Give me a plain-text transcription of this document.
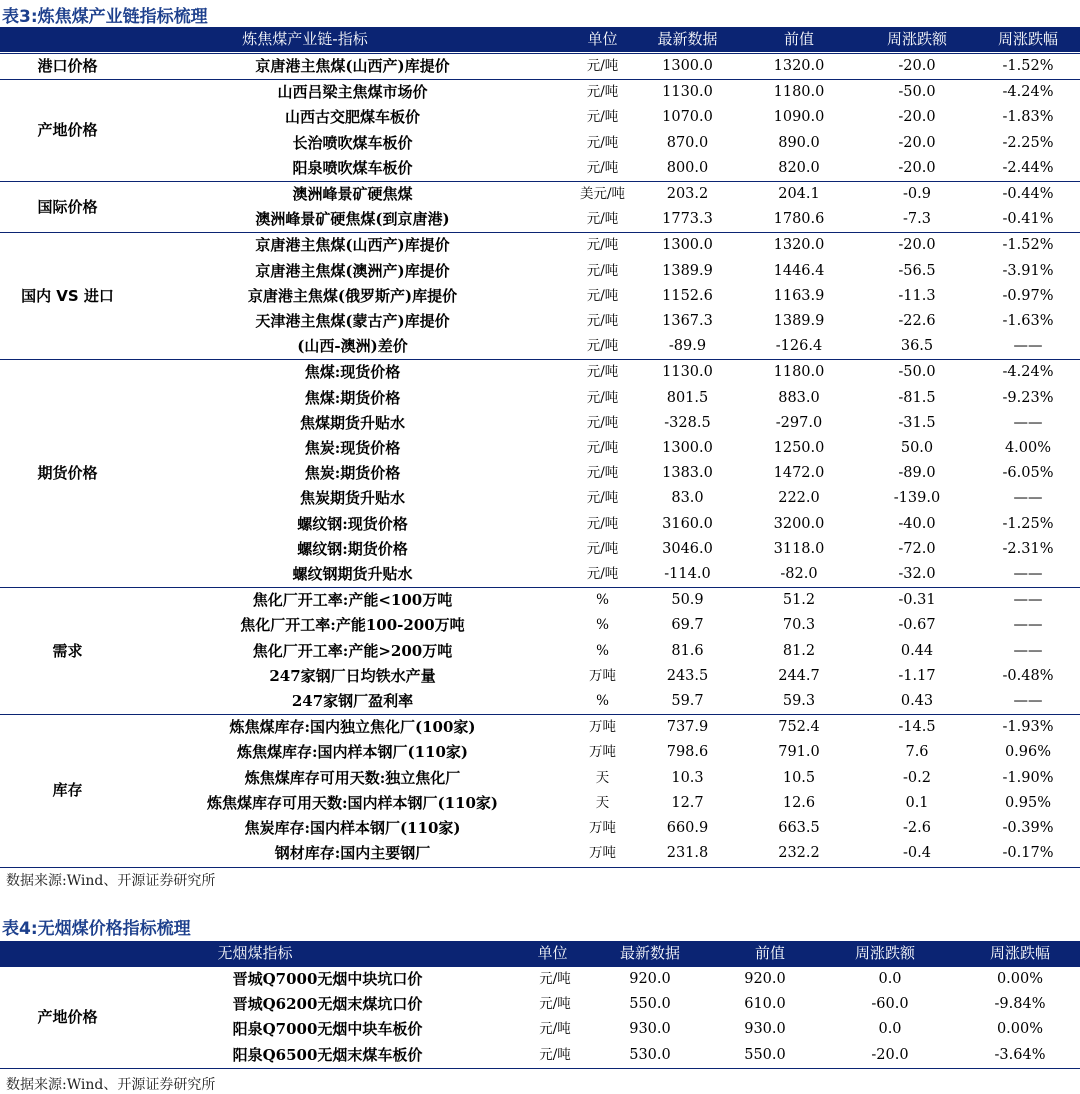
表3:炼焦煤产业链指标梳理
炼焦煤产业链-指标	单位	最新数据	前值	周涨跌额	周涨跌幅
港口价格	京唐港主焦煤(山西产)库提价	元/吨	1300.0	1320.0	-20.0	-1.52%
产地价格	山西吕梁主焦煤市场价	元/吨	1130.0	1180.0	-50.0	-4.24%
	山西古交肥煤车板价	元/吨	1070.0	1090.0	-20.0	-1.83%
	长治喷吹煤车板价	元/吨	870.0	890.0	-20.0	-2.25%
	阳泉喷吹煤车板价	元/吨	800.0	820.0	-20.0	-2.44%
国际价格	澳洲峰景矿硬焦煤	美元/吨	203.2	204.1	-0.9	-0.44%
	澳洲峰景矿硬焦煤(到京唐港)	元/吨	1773.3	1780.6	-7.3	-0.41%
国内 VS 进口	京唐港主焦煤(山西产)库提价	元/吨	1300.0	1320.0	-20.0	-1.52%
	京唐港主焦煤(澳洲产)库提价	元/吨	1389.9	1446.4	-56.5	-3.91%
	京唐港主焦煤(俄罗斯产)库提价	元/吨	1152.6	1163.9	-11.3	-0.97%
	天津港主焦煤(蒙古产)库提价	元/吨	1367.3	1389.9	-22.6	-1.63%
	(山西-澳洲)差价	元/吨	-89.9	-126.4	36.5	——
期货价格	焦煤:现货价格	元/吨	1130.0	1180.0	-50.0	-4.24%
	焦煤:期货价格	元/吨	801.5	883.0	-81.5	-9.23%
	焦煤期货升贴水	元/吨	-328.5	-297.0	-31.5	——
	焦炭:现货价格	元/吨	1300.0	1250.0	50.0	4.00%
	焦炭:期货价格	元/吨	1383.0	1472.0	-89.0	-6.05%
	焦炭期货升贴水	元/吨	83.0	222.0	-139.0	——
	螺纹钢:现货价格	元/吨	3160.0	3200.0	-40.0	-1.25%
	螺纹钢:期货价格	元/吨	3046.0	3118.0	-72.0	-2.31%
	螺纹钢期货升贴水	元/吨	-114.0	-82.0	-32.0	——
需求	焦化厂开工率:产能<100万吨	%	50.9	51.2	-0.31	——
	焦化厂开工率:产能100-200万吨	%	69.7	70.3	-0.67	——
	焦化厂开工率:产能>200万吨	%	81.6	81.2	0.44	——
	247家钢厂日均铁水产量	万吨	243.5	244.7	-1.17	-0.48%
	247家钢厂盈利率	%	59.7	59.3	0.43	——
库存	炼焦煤库存:国内独立焦化厂(100家)	万吨	737.9	752.4	-14.5	-1.93%
	炼焦煤库存:国内样本钢厂(110家)	万吨	798.6	791.0	7.6	0.96%
	炼焦煤库存可用天数:独立焦化厂	天	10.3	10.5	-0.2	-1.90%
	炼焦煤库存可用天数:国内样本钢厂(110家)	天	12.7	12.6	0.1	0.95%
	焦炭库存:国内样本钢厂(110家)	万吨	660.9	663.5	-2.6	-0.39%
	钢材库存:国内主要钢厂	万吨	231.8	232.2	-0.4	-0.17%
数据来源:Wind、开源证券研究所
表4:无烟煤价格指标梳理
无烟煤指标	单位	最新数据	前值	周涨跌额	周涨跌幅
产地价格	晋城Q7000无烟中块坑口价	元/吨	920.0	920.0	0.0	0.00%
	晋城Q6200无烟末煤坑口价	元/吨	550.0	610.0	-60.0	-9.84%
	阳泉Q7000无烟中块车板价	元/吨	930.0	930.0	0.0	0.00%
	阳泉Q6500无烟末煤车板价	元/吨	530.0	550.0	-20.0	-3.64%
数据来源:Wind、开源证券研究所
